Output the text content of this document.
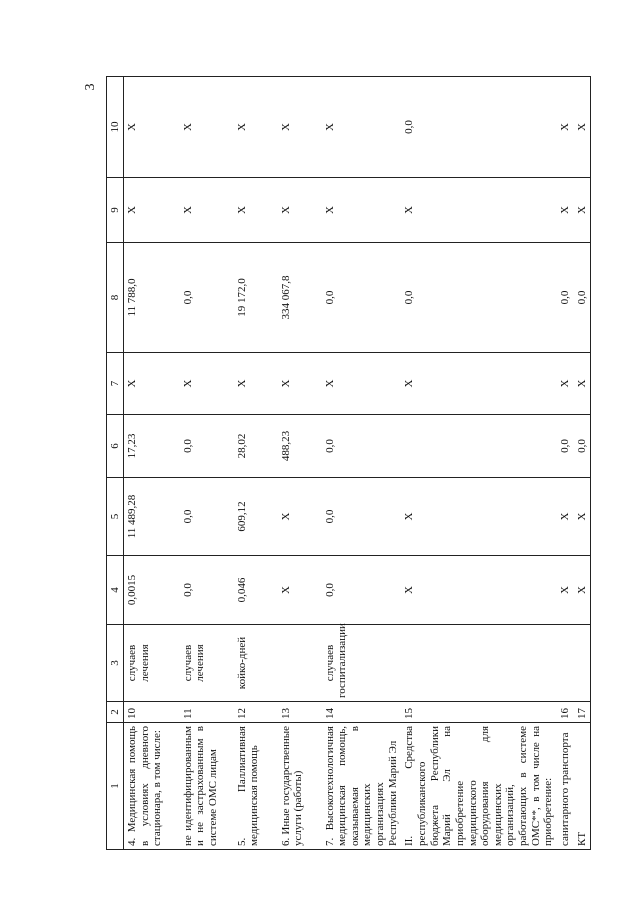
3
1	2	3	4	5	6	7	8	9	10
4. Медицинская помощь в условиях дневного стационара, в том числе:	10	случаев лечения	0,0015	11 489,28	17,23	X	11 788,0	X	X
не идентифицированным и не застрахованным в системе ОМС лицам	11	случаев лечения	0,0	0,0	0,0	X	0,0	X	X
5. Паллиативная медицинская помощь	12	койко-дней	0,046	609,12	28,02	X	19 172,0	X	X
6. Иные государственные услуги (работы)	13		X	X	488,23	X	334 067,8	X	X
7. Высокотехнологичная медицинская помощь, оказываемая в медицинских организациях Республики Марий Эл	14	случаев госпитализации	0,0	0,0	0,0	X	0,0	X	X
II. Средства республиканского бюджета Республики Марий Эл на приобретение медицинского оборудования для медицинских организаций, работающих в системе ОМС**, в том числе на приобретение:	15		X	X		X	0,0	X	0,0
санитарного транспорта	16		X	X	0,0	X	0,0	X	X
КТ	17		X	X	0,0	X	0,0	X	X
